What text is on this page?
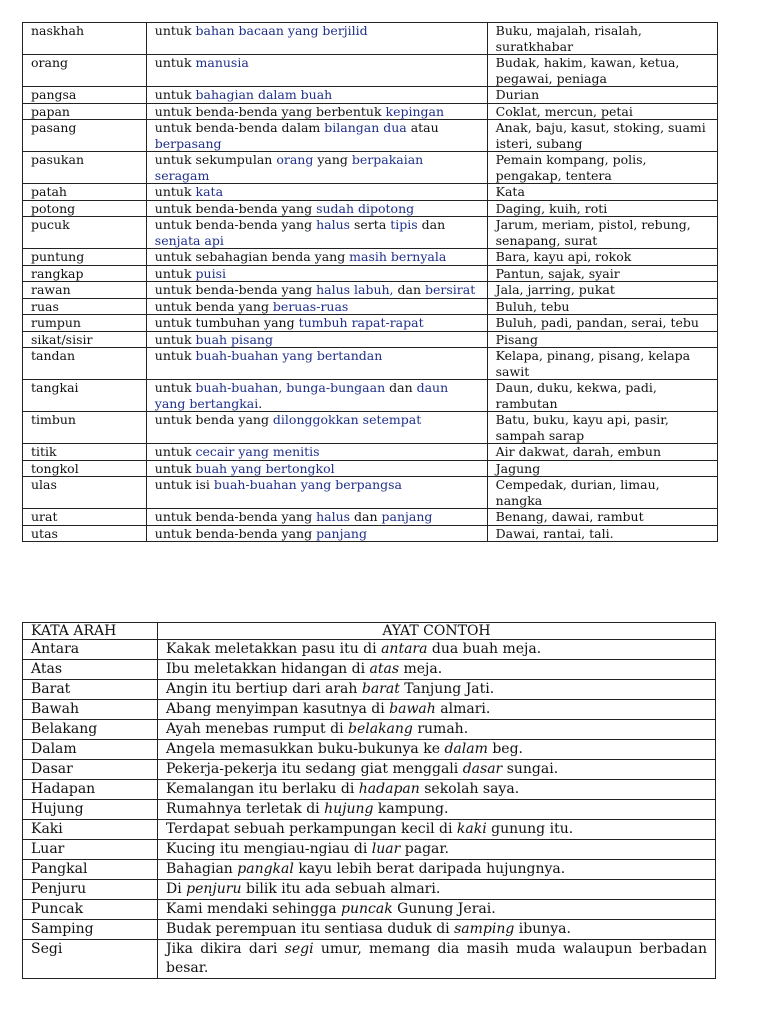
naskhah	untuk bahan bacaan yang berjilid	Buku, majalah, risalah, suratkhabar
orang	untuk manusia	Budak, hakim, kawan, ketua, pegawai, peniaga
pangsa	untuk bahagian dalam buah	Durian
papan	untuk benda-benda yang berbentuk kepingan	Coklat, mercun, petai
pasang	untuk benda-benda dalam bilangan dua atau berpasang	Anak, baju, kasut, stoking, suami isteri, subang
pasukan	untuk sekumpulan orang yang berpakaian seragam	Pemain kompang, polis, pengakap, tentera
patah	untuk kata	Kata
potong	untuk benda-benda yang sudah dipotong	Daging, kuih, roti
pucuk	untuk benda-benda yang halus serta tipis dan senjata api	Jarum, meriam, pistol, rebung, senapang, surat
puntung	untuk sebahagian benda yang masih bernyala	Bara, kayu api, rokok
rangkap	untuk puisi	Pantun, sajak, syair
rawan	untuk benda-benda yang halus labuh, dan bersirat	Jala, jarring, pukat
ruas	untuk benda yang beruas-ruas	Buluh, tebu
rumpun	untuk tumbuhan yang tumbuh rapat-rapat	Buluh, padi, pandan, serai, tebu
sikat/sisir	untuk buah pisang	Pisang
tandan	untuk buah-buahan yang bertandan	Kelapa, pinang, pisang, kelapa sawit
tangkai	untuk buah-buahan, bunga-bungaan dan daun yang bertangkai.	Daun, duku, kekwa, padi, rambutan
timbun	untuk benda yang dilonggokkan setempat	Batu, buku, kayu api, pasir, sampah sarap
titik	untuk cecair yang menitis	Air dakwat, darah, embun
tongkol	untuk buah yang bertongkol	Jagung
ulas	untuk isi buah-buahan yang berpangsa	Cempedak, durian, limau, nangka
urat	untuk benda-benda yang halus dan panjang	Benang, dawai, rambut
utas	untuk benda-benda yang panjang	Dawai, rantai, tali.
KATA ARAH	AYAT CONTOH
Antara	Kakak meletakkan pasu itu di antara dua buah meja.
Atas	Ibu meletakkan hidangan di atas meja.
Barat	Angin itu bertiup dari arah barat Tanjung Jati.
Bawah	Abang menyimpan kasutnya di bawah almari.
Belakang	Ayah menebas rumput di belakang rumah.
Dalam	Angela memasukkan buku-bukunya ke dalam beg.
Dasar	Pekerja-pekerja itu sedang giat menggali dasar sungai.
Hadapan	Kemalangan itu berlaku di hadapan sekolah saya.
Hujung	Rumahnya terletak di hujung kampung.
Kaki	Terdapat sebuah perkampungan kecil di kaki gunung itu.
Luar	Kucing itu mengiau-ngiau di luar pagar.
Pangkal	Bahagian pangkal kayu lebih berat daripada hujungnya.
Penjuru	Di penjuru bilik itu ada sebuah almari.
Puncak	Kami mendaki sehingga puncak Gunung Jerai.
Samping	Budak perempuan itu sentiasa duduk di samping ibunya.
Segi	Jika dikira dari segi umur, memang dia masih muda walaupun berbadan besar.
